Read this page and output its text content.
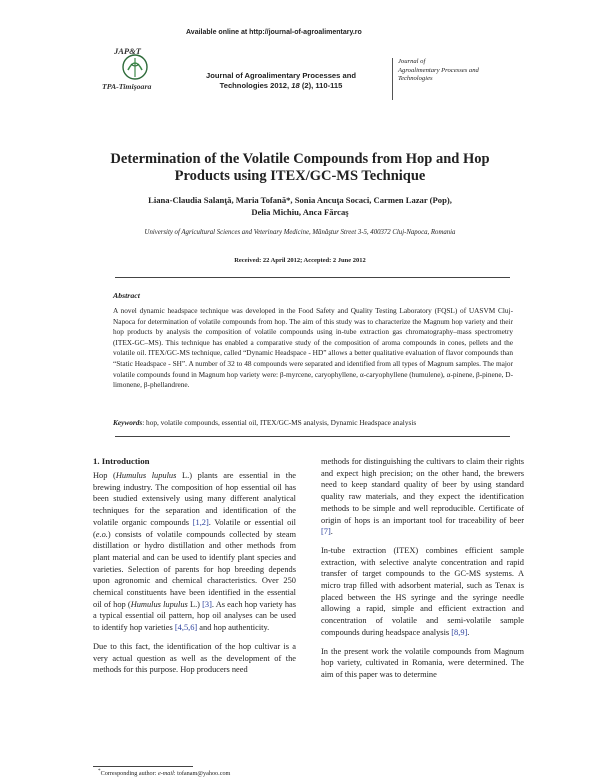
Available online at http://journal-of-agroalimentary.ro
JAP&T
TPA-Timişoara
Journal of Agroalimentary Processes and
Technologies 2012, 18 (2), 110-115
Journal of
Agroalimentary Processes and
Technologies
Determination of the Volatile Compounds from Hop and Hop
Products using ITEX/GC-MS Technique
Liana-Claudia Salanţă, Maria Tofană*, Sonia Ancuţa Socaci, Carmen Lazar (Pop),
Delia Michiu, Anca Fărcaş
University of Agricultural Sciences and Veterinary Medicine, Mănăştur Street 3-5, 400372 Cluj-Napoca, Romania
Received: 22 April 2012; Accepted: 2 June 2012
Abstract
A novel dynamic headspace technique was developed in the Food Safety and Quality Testing Laboratory (FQSL) of UASVM Cluj-Napoca for determination of volatile compounds from hop. The aim of this study was to characterize the Magnum hop variety and their hop products by analysis the composition of volatile compounds using in-tube extraction gas chromatography–mass spectrometry (ITEX-GC–MS). This technique has enabled a comparative study of the composition of aroma compounds in cones, pellets and the volatile oil. ITEX/GC-MS technique, called “Dynamic Headspace - HD” allows a better qualitative evaluation of flavor compounds than “Static Headspace - SH”. A number of 32 to 48 compounds were separated and identified from all types of Magnum samples. The major volatile compounds found in Magnum hop variety were: β-myrcene, caryophyllene, α-caryophyllene (humulene), α-pinene, β-pinene, D-limonene, β-phellandrene.
Keywords: hop, volatile compounds, essential oil, ITEX/GC-MS analysis, Dynamic Headspace analysis
1. Introduction

Hop (Humulus lupulus L.) plants are essential in the brewing industry. The composition of hop essential oil has been studied extensively using many different analytical techniques for the separation and identification of the volatile organic compounds [1,2]. Volatile or essential oil (e.o.) consists of volatile compounds collected by steam distillation or hydro distillation and other methods from plant material and can be used to identify plant species and varieties. Selection of parents for hop breeding depends upon agronomic and chemical characteristics. Over 250 chemical constituents have been identified in the essential oil of hop (Humulus lupulus L.) [3]. As each hop variety has a typical essential oil pattern, hop oil analyses can be used to identify hop varieties [4,5,6] and hop authenticity.

Due to this fact, the identification of the hop cultivar is a very actual question as well as the development of the methods for this purpose. Hop producers need

methods for distinguishing the cultivars to claim their rights and expect high precision; on the other hand, the brewers need to keep standard quality of beer by using standard quality raw materials, and they expect the identification methods to be simple and well reproducible. Certificate of origin of hops is an important tool for traceability of beer [7].

In-tube extraction (ITEX) combines efficient sample extraction, with selective analyte concentration and rapid transfer of target compounds to the GC-MS systems. A micro trap filled with adsorbent material, such as Tenax is placed between the HS syringe and the syringe needle allowing a rapid, simple and efficient extraction and concentration of volatile and semi-volatile sample compounds during headspace analysis [8,9].

In the present work the volatile compounds from Magnum hop variety, cultivated in Romania, were determined. The aim of this paper was to determine

*Corresponding author: e-mail: tofanam@yahoo.com
